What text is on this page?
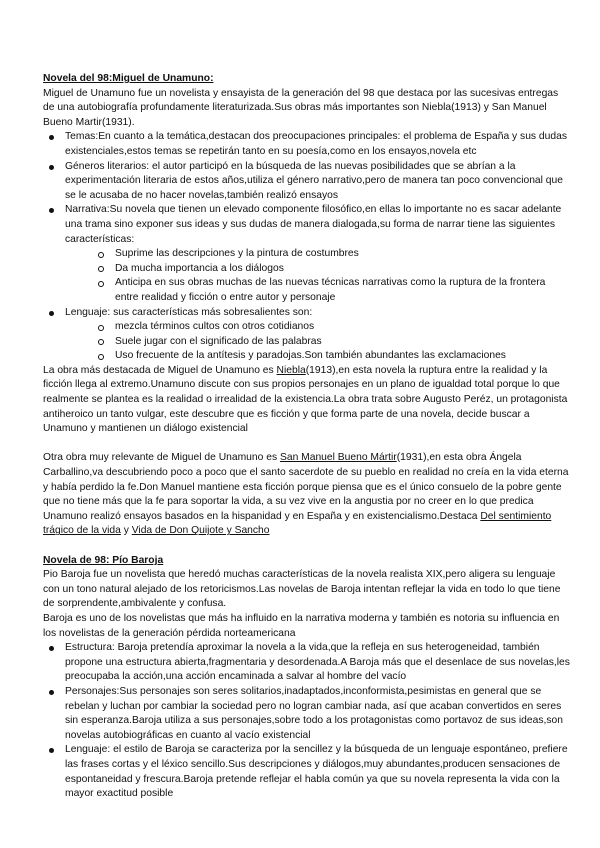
Novela del 98:Miguel de Unamuno:

Miguel de Unamuno fue un novelista y ensayista de la generación del 98 que destaca por las sucesivas entregas de una autobiografía profundamente literaturizada.Sus obras más importantes son Niebla(1913) y San Manuel Bueno Martir(1931).

Temas:En cuanto a la temática,destacan dos preocupaciones principales: el problema de España y sus dudas existenciales,estos temas se repetirán tanto en su poesía,como en los ensayos,novela etc
Géneros literarios: el autor participó en la búsqueda de las nuevas posibilidades que se abrían a la experimentación literaria de estos años,utiliza el género narrativo,pero de manera tan poco convencional que se le acusaba de no hacer novelas,también realizó ensayos
Narrativa:Su novela que tienen un elevado componente filosófico,en ellas lo importante no es sacar adelante una trama sino exponer sus ideas y sus dudas de manera dialogada,su forma de narrar tiene las siguientes características:
Suprime las descripciones y la pintura de costumbres
Da mucha importancia a los diálogos
Anticipa en sus obras muchas de las nuevas técnicas narrativas como la ruptura de la frontera entre realidad y ficción o entre autor y personaje
Lenguaje: sus características más sobresalientes son:
mezcla términos cultos con otros cotidianos
Suele jugar con el significado de las palabras
Uso frecuente de la antítesis y paradojas.Son también abundantes las exclamaciones

La obra más destacada de Miguel de Unamuno es Niebla(1913),en esta novela la ruptura entre la realidad y la ficción llega al extremo.Unamuno discute con sus propios personajes en un plano de igualdad total porque lo que realmente se plantea es la realidad o irrealidad de la existencia.La obra trata sobre Augusto Peréz, un protagonista antiheroico un tanto vulgar, este descubre que es ficción y que forma parte de una novela, decide buscar a Unamuno y mantienen un diálogo existencial

Otra obra muy relevante de Miguel de Unamuno es San Manuel Bueno Mártir(1931),en esta obra Ángela Carballino,va descubriendo poco a poco que el santo sacerdote de su pueblo en realidad no creía en la vida eterna y había perdido la fe.Don Manuel mantiene esta ficción porque piensa que es el único consuelo de la pobre gente que no tiene más que la fe para soportar la vida, a su vez vive en la angustia por no creer en lo que predica

Unamuno realizó ensayos basados en la hispanidad y en España y en existencialismo.Destaca Del sentimiento trágico de la vida y Vida de Don Quijote y Sancho

Novela de 98: Pío Baroja

Pio Baroja fue un novelista que heredó muchas características de la novela realista XIX,pero aligera su lenguaje con un tono natural alejado de los retoricismos.Las novelas de Baroja intentan reflejar la vida en todo lo que tiene de sorprendente,ambivalente y confusa.

Baroja es uno de los novelistas que más ha influido en la narrativa moderna y también es notoria su influencia en los novelistas de la generación pérdida norteamericana

Estructura: Baroja pretendía aproximar la novela a la vida,que la refleja en sus heterogeneidad, también propone una estructura abierta,fragmentaria y desordenada.A Baroja más que el desenlace de sus novelas,les preocupaba la acción,una acción encaminada a salvar al hombre del vacío
Personajes:Sus personajes son seres solitarios,inadaptados,inconformista,pesimistas en general que se rebelan y luchan por cambiar la sociedad pero no logran cambiar nada, así que acaban convertidos en seres sin esperanza.Baroja utiliza a sus personajes,sobre todo a los protagonistas como portavoz de sus ideas,son novelas autobiográficas en cuanto al vacío existencial
Lenguaje: el estilo de Baroja se caracteriza por la sencillez y la búsqueda de un lenguaje espontáneo, prefiere las frases cortas y el léxico sencillo.Sus descripciones y diálogos,muy abundantes,producen sensaciones de espontaneidad y frescura.Baroja pretende reflejar el habla común ya que su novela representa la vida con la mayor exactitud posible
